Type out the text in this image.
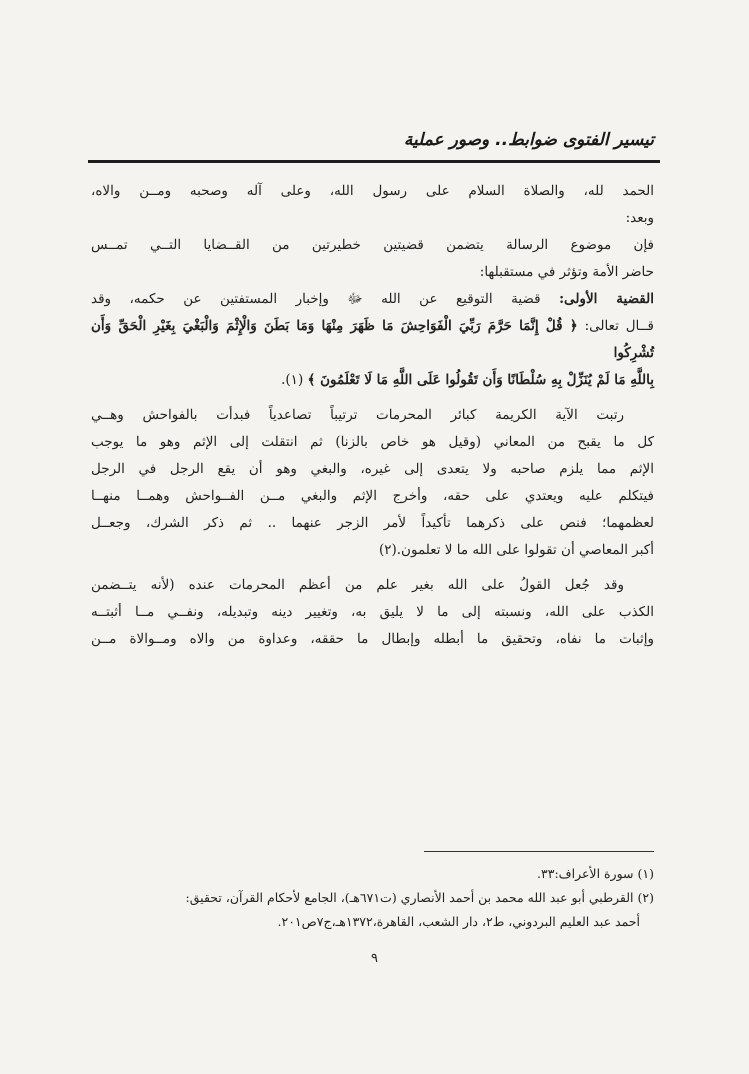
تيسير الفتوى ضوابط.. وصور عملية

الحمد لله، والصلاة السلام على رسول الله، وعلى آله وصحبه ومــن والاه،
وبعد:

فإن موضوع الرسالة يتضمن قضيتين خطيرتين من القــضايا التــي تمــس
حاضر الأمة وتؤثر في مستقبلها:

القضية الأولى: قضية التوقيع عن الله ﷻ وإخبار المستفتين عن حكمه، وقد
قــال تعالى: ﴿ قُلْ إِنَّمَا حَرَّمَ رَبِّيَ الْفَوَاحِشَ مَا ظَهَرَ مِنْهَا وَمَا بَطَنَ وَالْإِثْمَ وَالْبَغْيَ بِغَيْرِ الْحَقِّ وَأَن تُشْرِكُوا
بِاللَّهِ مَا لَمْ يُنَزِّلْ بِهِ سُلْطَانًا وَأَن تَقُولُوا عَلَى اللَّهِ مَا لَا تَعْلَمُونَ ﴾ (١).

رتبت الآية الكريمة كبائر المحرمات ترتيباً تصاعدياً فبدأت بالفواحش وهــي
كل ما يقبح من المعاني (وقيل هو خاص بالزنا) ثم انتقلت إلى الإثم وهو ما يوجب
الإثم مما يلزم صاحبه ولا يتعدى إلى غيره، والبغي وهو أن يقع الرجل في الرجل
فيتكلم عليه ويعتدي على حقه، وأخرج الإثم والبغي مــن الفــواحش وهمــا منهــا
لعظمهما؛ فنص على ذكرهما تأكيداً لأمر الزجر عنهما .. ثم ذكر الشرك، وجعــل
أكبر المعاصي أن تقولوا على الله ما لا تعلمون.(٢)

وقد جُعل القولُ على الله بغير علم من أعظم المحرمات عنده (لأنه يتــضمن
الكذب على الله، ونسبته إلى ما لا يليق به، وتغيير دينه وتبديله، ونفــي مــا أثبتــه
وإثبات ما نفاه، وتحقيق ما أبطله وإبطال ما حققه، وعداوة من والاه ومــوالاة مــن

(١) سورة الأعراف:٣٣.

(٢) القرطبي أبو عبد الله محمد بن أحمد الأنصاري (ت٦٧١هـ)، الجامع لأحكام القرآن، تحقيق:

أحمد عبد العليم البردوني، ط٢، دار الشعب، القاهرة،١٣٧٢هـ،ج٧ص٢٠١.

٩
